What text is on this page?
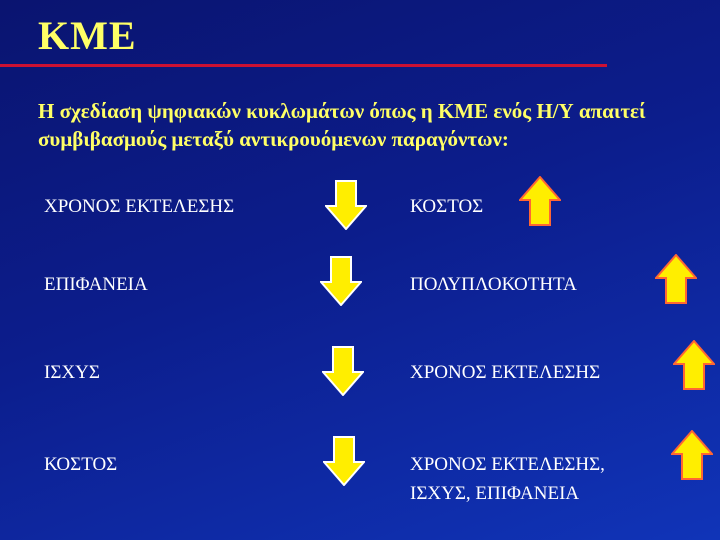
ΚΜΕ
Η σχεδίαση ψηφιακών κυκλωμάτων όπως η ΚΜΕ ενός Η/Υ απαιτεί συμβιβασμούς μεταξύ αντικρουόμενων παραγόντων:
ΧΡΟΝΟΣ ΕΚΤΕΛΕΣΗΣ	ΚΟΣΤΟΣ
ΕΠΙΦΑΝΕΙΑ	ΠΟΛΥΠΛΟΚΟΤΗΤΑ
ΙΣΧΥΣ	ΧΡΟΝΟΣ ΕΚΤΕΛΕΣΗΣ
ΚΟΣΤΟΣ	ΧΡΟΝΟΣ ΕΚΤΕΛΕΣΗΣ,
ΙΣΧΥΣ, ΕΠΙΦΑΝΕΙΑ
